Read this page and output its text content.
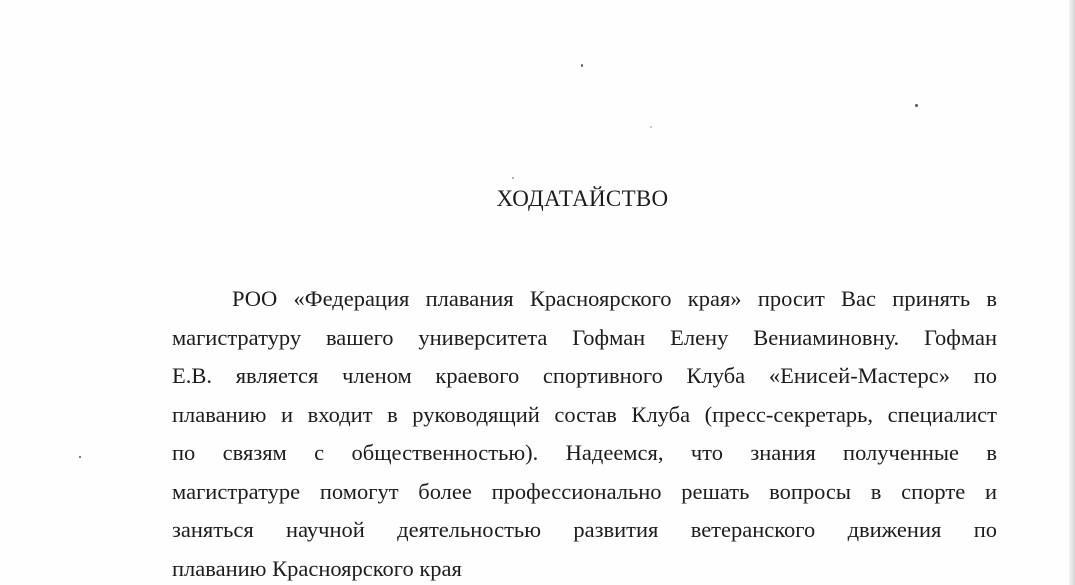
ХОДАТАЙСТВО
РОО «Федерация плавания Красноярского края» просит Вас принять в
магистратуру вашего университета Гофман Елену Вениаминовну. Гофман
Е.В. является членом краевого спортивного Клуба «Енисей-Мастерс» по
плаванию и входит в руководящий состав Клуба (пресс-секретарь, специалист
по связям с общественностью). Надеемся, что знания полученные в
магистратуре помогут более профессионально решать вопросы в спорте и
заняться научной деятельностью развития ветеранского движения по
плаванию Красноярского края
